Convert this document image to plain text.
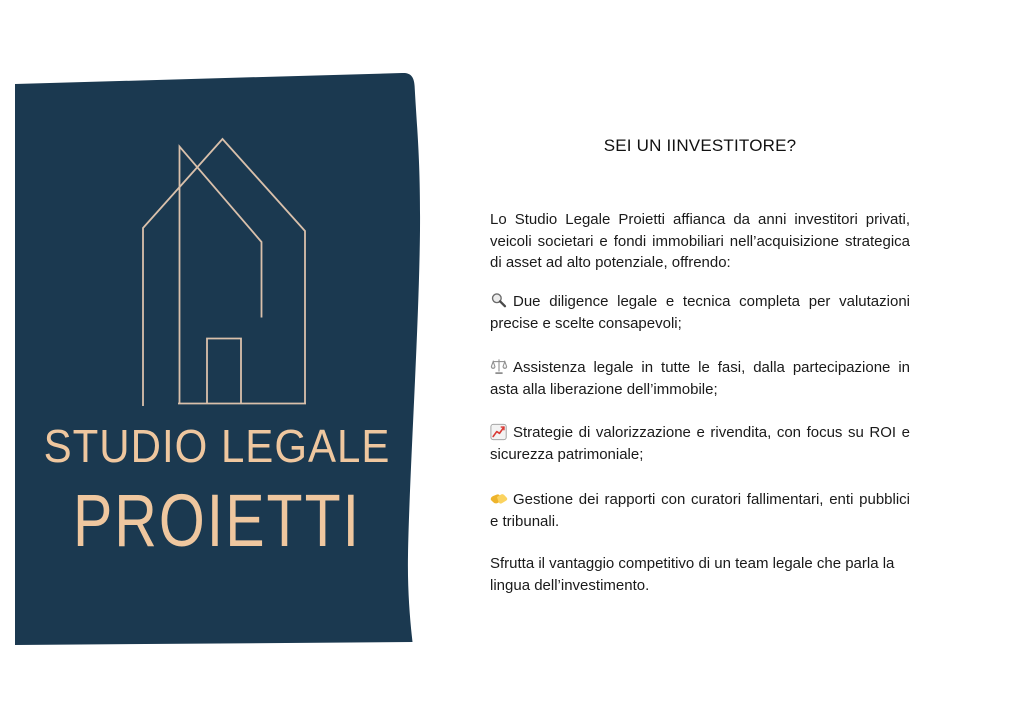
STUDIO LEGALE
PROIETTI
SEI UN IINVESTITORE?

Lo Studio Legale Proietti affianca da anni investitori privati, veicoli societari e fondi immobiliari nell’acquisizione strategica di asset ad alto potenziale, offrendo:

Due diligence legale e tecnica completa per valutazioni precise e scelte consapevoli;

Assistenza legale in tutte le fasi, dalla partecipazione in asta alla liberazione dell’immobile;

Strategie di valorizzazione e rivendita, con focus su ROI e sicurezza patrimoniale;

Gestione dei rapporti con curatori fallimentari, enti pubblici e tribunali.

Sfrutta il vantaggio competitivo di un team legale che parla la lingua dell’investimento.
